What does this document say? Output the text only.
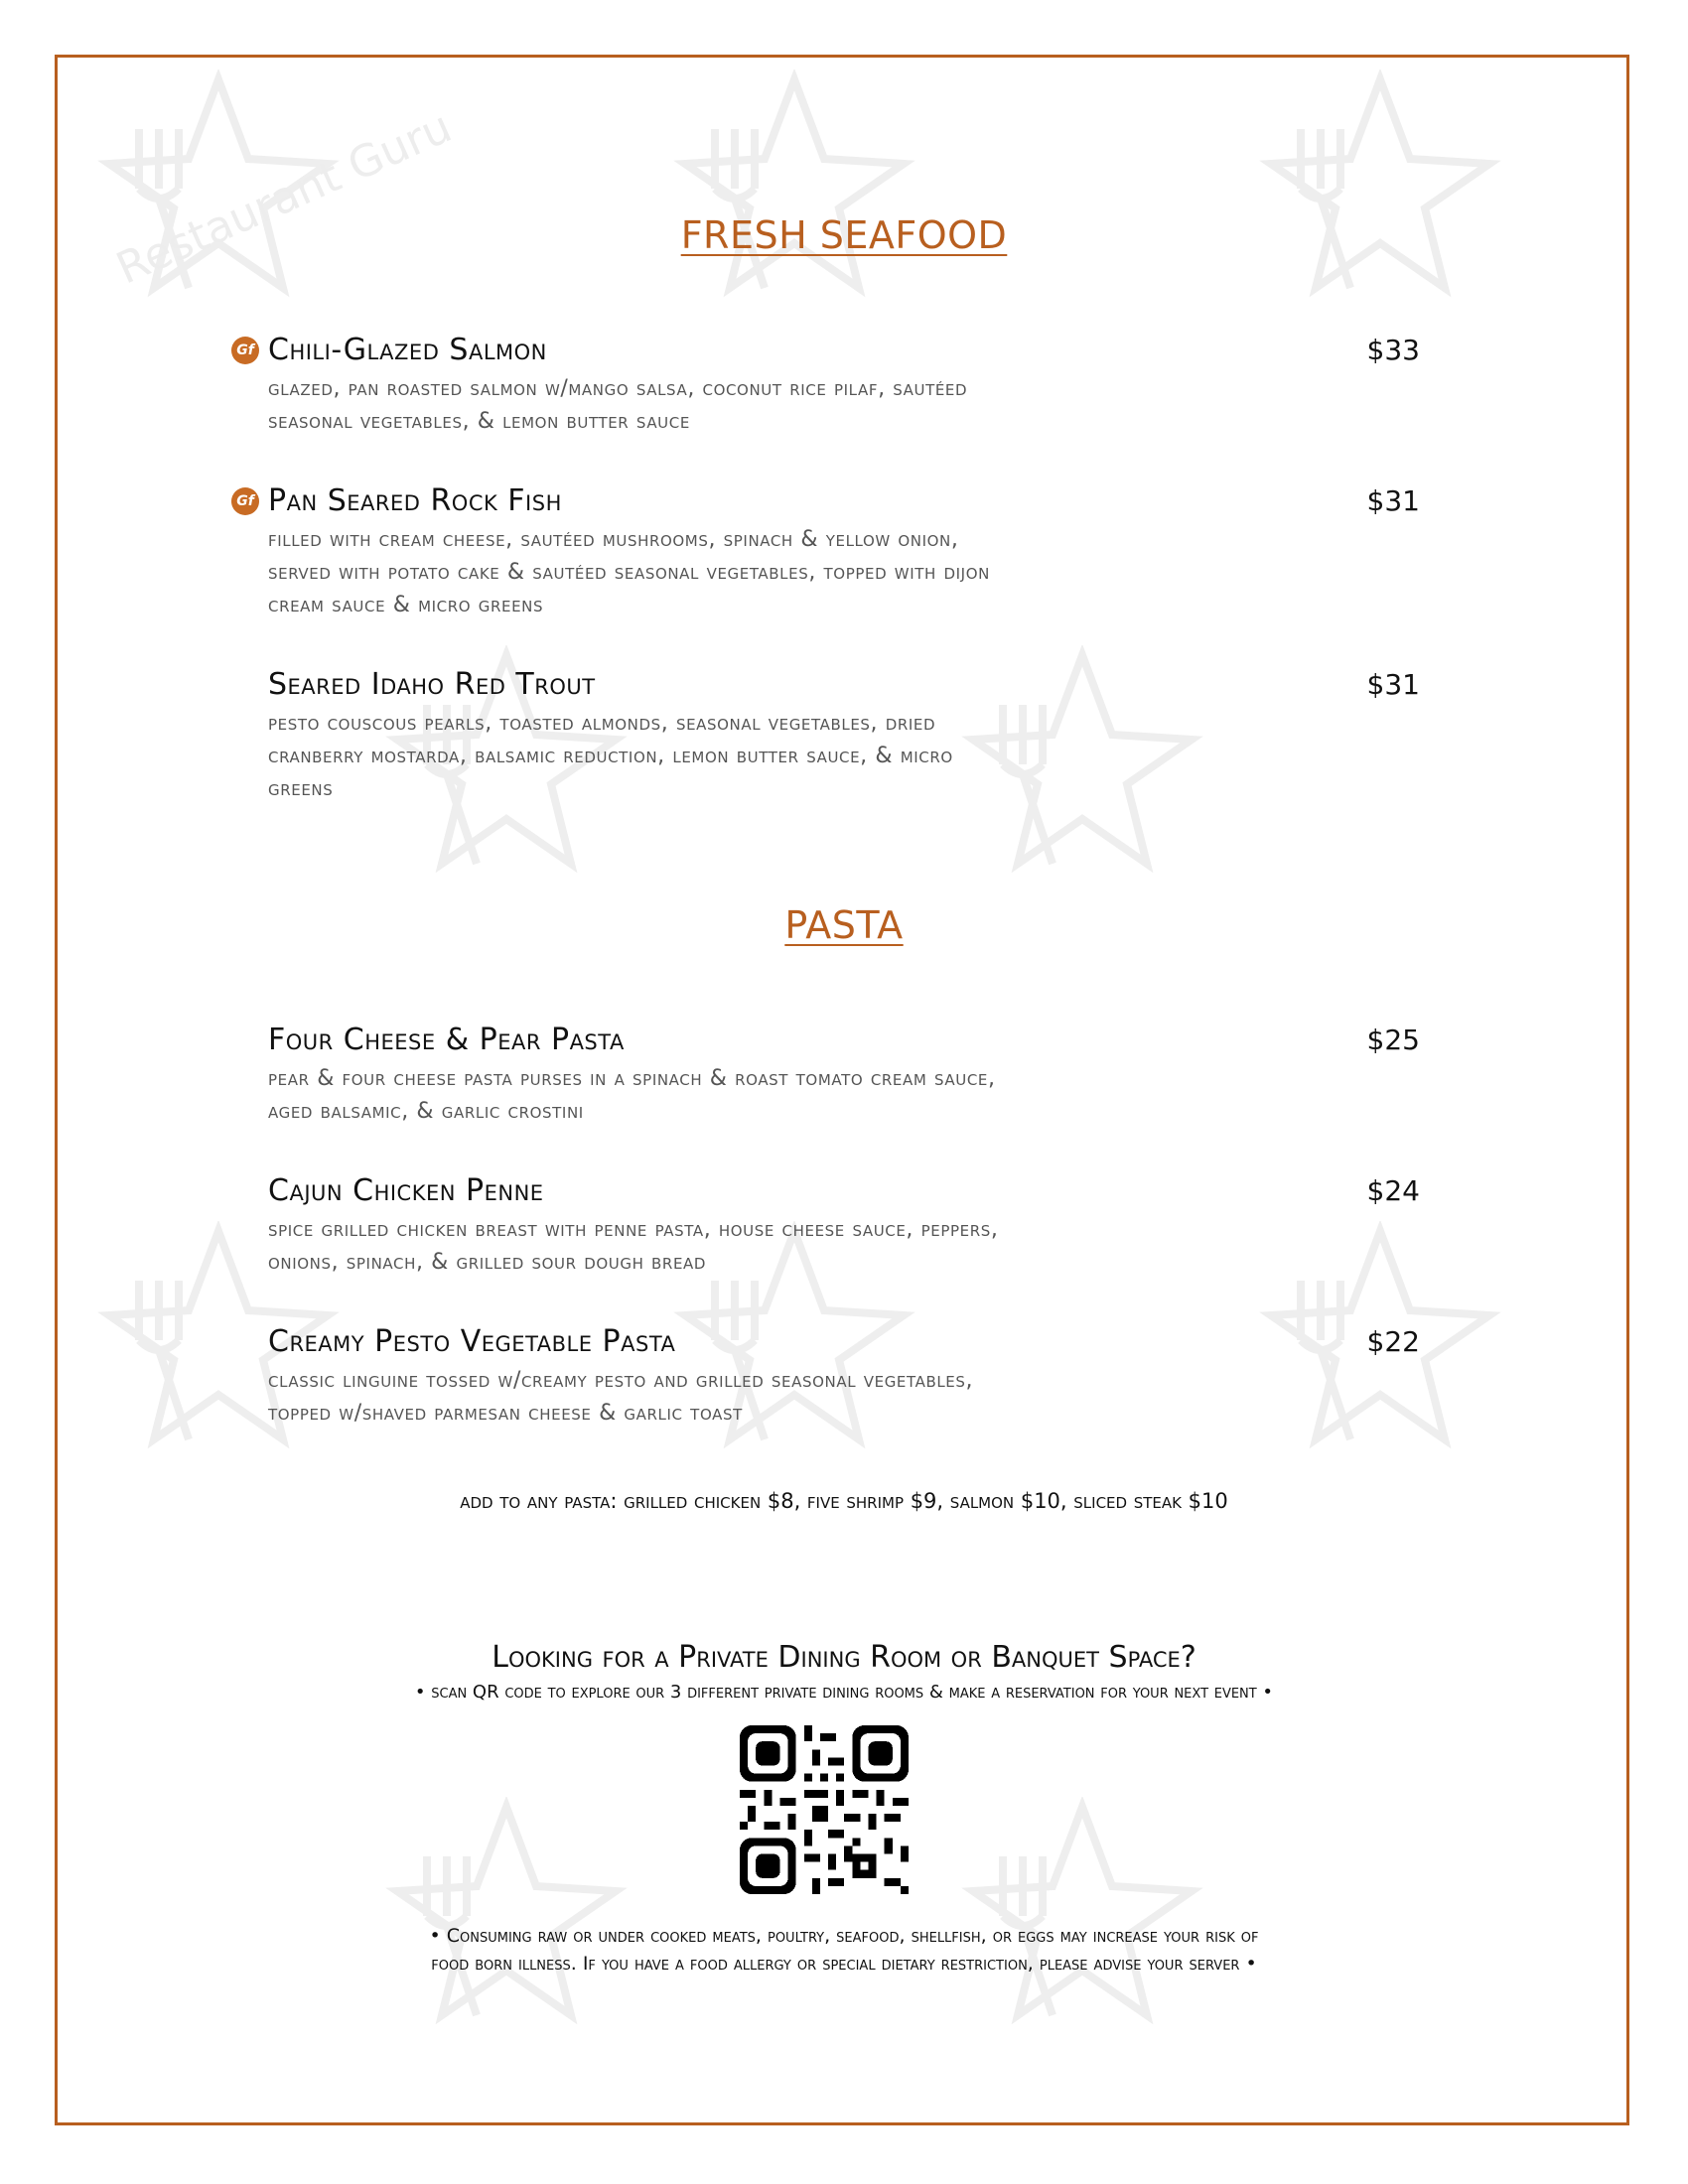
Restaurant Guru	FRESH SEAFOOD
Gf Chili-Glazed Salmon	$33
glazed, pan roasted salmon w/mango salsa, coconut rice pilaf, sautéed
seasonal vegetables, & lemon butter sauce
Gf Pan Seared Rock Fish	$31
filled with cream cheese, sautéed mushrooms, spinach & yellow onion,
served with potato cake & sautéed seasonal vegetables, topped with dijon
cream sauce & micro greens
Seared Idaho Red Trout	$31
pesto couscous pearls, toasted almonds, seasonal vegetables, dried
cranberry mostarda, balsamic reduction, lemon butter sauce, & micro
greens
PASTA
Four Cheese & Pear Pasta	$25
pear & four cheese pasta purses in a spinach & roast tomato cream sauce,
aged balsamic, & garlic crostini
Cajun Chicken Penne	$24
spice grilled chicken breast with penne pasta, house cheese sauce, peppers,
onions, spinach, & grilled sour dough bread
Creamy Pesto Vegetable Pasta	$22
classic linguine tossed w/creamy pesto and grilled seasonal vegetables,
topped w/shaved parmesan cheese & garlic toast
add to any pasta: grilled chicken $8, five shrimp $9, salmon $10, sliced steak $10
Looking for a Private Dining Room or Banquet Space?
• scan QR code to explore our 3 different private dining rooms & make a reservation for your next event •
• Consuming raw or under cooked meats, poultry, seafood, shellfish, or eggs may increase your risk of
food born illness. If you have a food allergy or special dietary restriction, please advise your server •
